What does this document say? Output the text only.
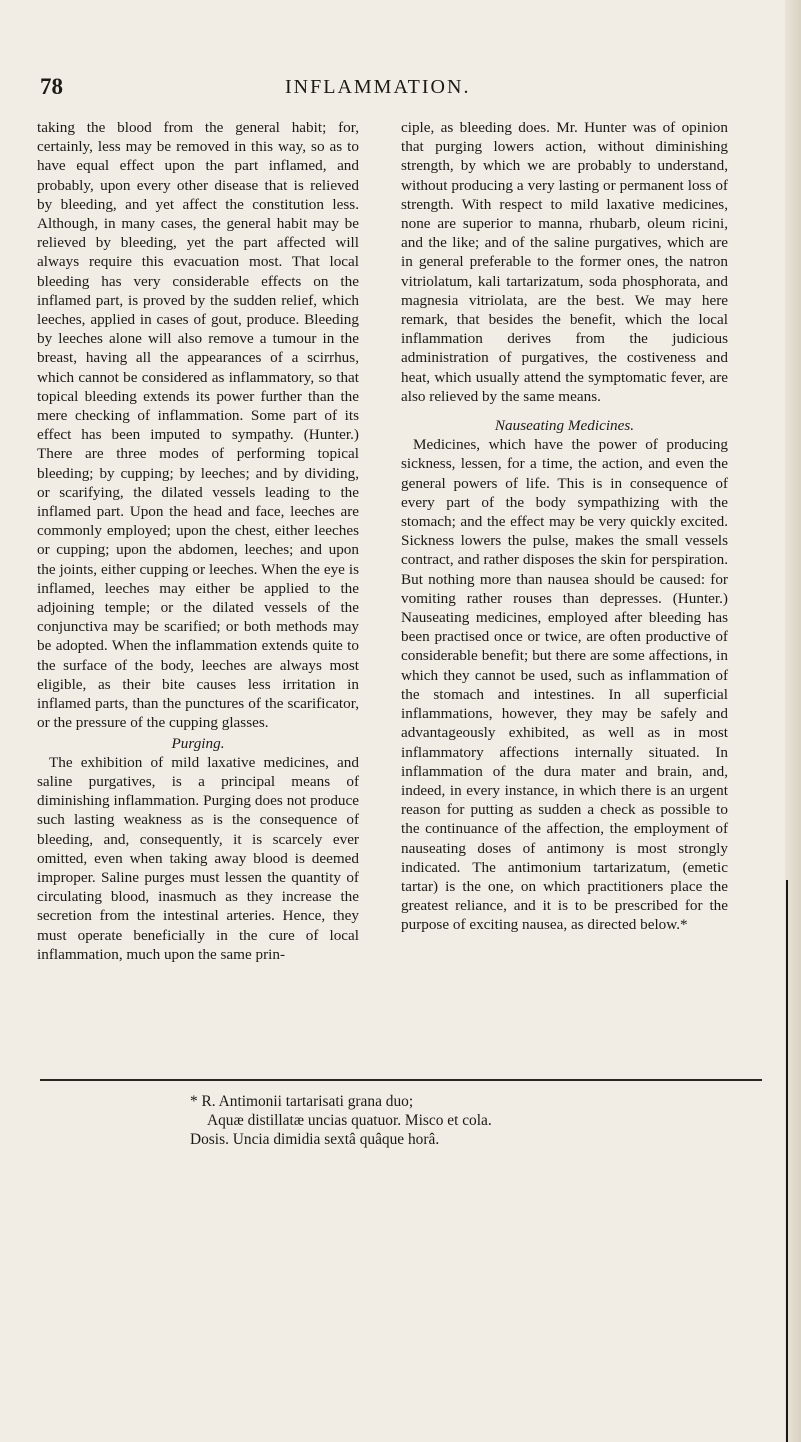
78	INFLAMMATION.

taking the blood from the general habit; for, certainly, less may be removed in this way, so as to have equal effect upon the part inflamed, and probably, upon every other disease that is relieved by bleeding, and yet affect the constitution less. Although, in many cases, the general habit may be relieved by bleeding, yet the part affected will always require this evacuation most. That local bleeding has very considerable effects on the inflamed part, is proved by the sudden relief, which leeches, applied in cases of gout, produce. Bleeding by leeches alone will also remove a tumour in the breast, having all the appearances of a scirrhus, which cannot be considered as inflammatory, so that topical bleeding extends its power further than the mere checking of inflammation. Some part of its effect has been imputed to sympathy. (Hunter.) There are three modes of performing topical bleeding; by cupping; by leeches; and by dividing, or scarifying, the dilated vessels leading to the inflamed part. Upon the head and face, leeches are commonly employed; upon the chest, either leeches or cupping; upon the abdomen, leeches; and upon the joints, either cupping or leeches. When the eye is inflamed, leeches may either be applied to the adjoining temple; or the dilated vessels of the conjunctiva may be scarified; or both methods may be adopted. When the inflammation extends quite to the surface of the body, leeches are always most eligible, as their bite causes less irritation in inflamed parts, than the punctures of the scarificator, or the pressure of the cupping glasses.

Purging.

The exhibition of mild laxative medicines, and saline purgatives, is a principal means of diminishing inflammation. Purging does not produce such lasting weakness as is the consequence of bleeding, and, consequently, it is scarcely ever omitted, even when taking away blood is deemed improper. Saline purges must lessen the quantity of circulating blood, inasmuch as they increase the secretion from the intestinal arteries. Hence, they must operate beneficially in the cure of local inflammation, much upon the same prin-

ciple, as bleeding does. Mr. Hunter was of opinion that purging lowers action, without diminishing strength, by which we are probably to understand, without producing a very lasting or permanent loss of strength. With respect to mild laxative medicines, none are superior to manna, rhubarb, oleum ricini, and the like; and of the saline purgatives, which are in general preferable to the former ones, the natron vitriolatum, kali tartarizatum, soda phosphorata, and magnesia vitriolata, are the best. We may here remark, that besides the benefit, which the local inflammation derives from the judicious administration of purgatives, the costiveness and heat, which usually attend the symptomatic fever, are also relieved by the same means.

Nauseating Medicines.

Medicines, which have the power of producing sickness, lessen, for a time, the action, and even the general powers of life. This is in consequence of every part of the body sympathizing with the stomach; and the effect may be very quickly excited. Sickness lowers the pulse, makes the small vessels contract, and rather disposes the skin for perspiration. But nothing more than nausea should be caused: for vomiting rather rouses than depresses. (Hunter.) Nauseating medicines, employed after bleeding has been practised once or twice, are often productive of considerable benefit; but there are some affections, in which they cannot be used, such as inflammation of the stomach and intestines. In all superficial inflammations, however, they may be safely and advantageously exhibited, as well as in most inflammatory affections internally situated. In inflammation of the dura mater and brain, and, indeed, in every instance, in which there is an urgent reason for putting as sudden a check as possible to the continuance of the affection, the employment of nauseating doses of antimony is most strongly indicated. The antimonium tartarizatum, (emetic tartar) is the one, on which practitioners place the greatest reliance, and it is to be prescribed for the purpose of exciting nausea, as directed below.*

* R. Antimonii tartarisati grana duo;
Aquæ distillatæ uncias quatuor. Misco et cola.
Dosis. Uncia dimidia sextâ quâque horâ.
